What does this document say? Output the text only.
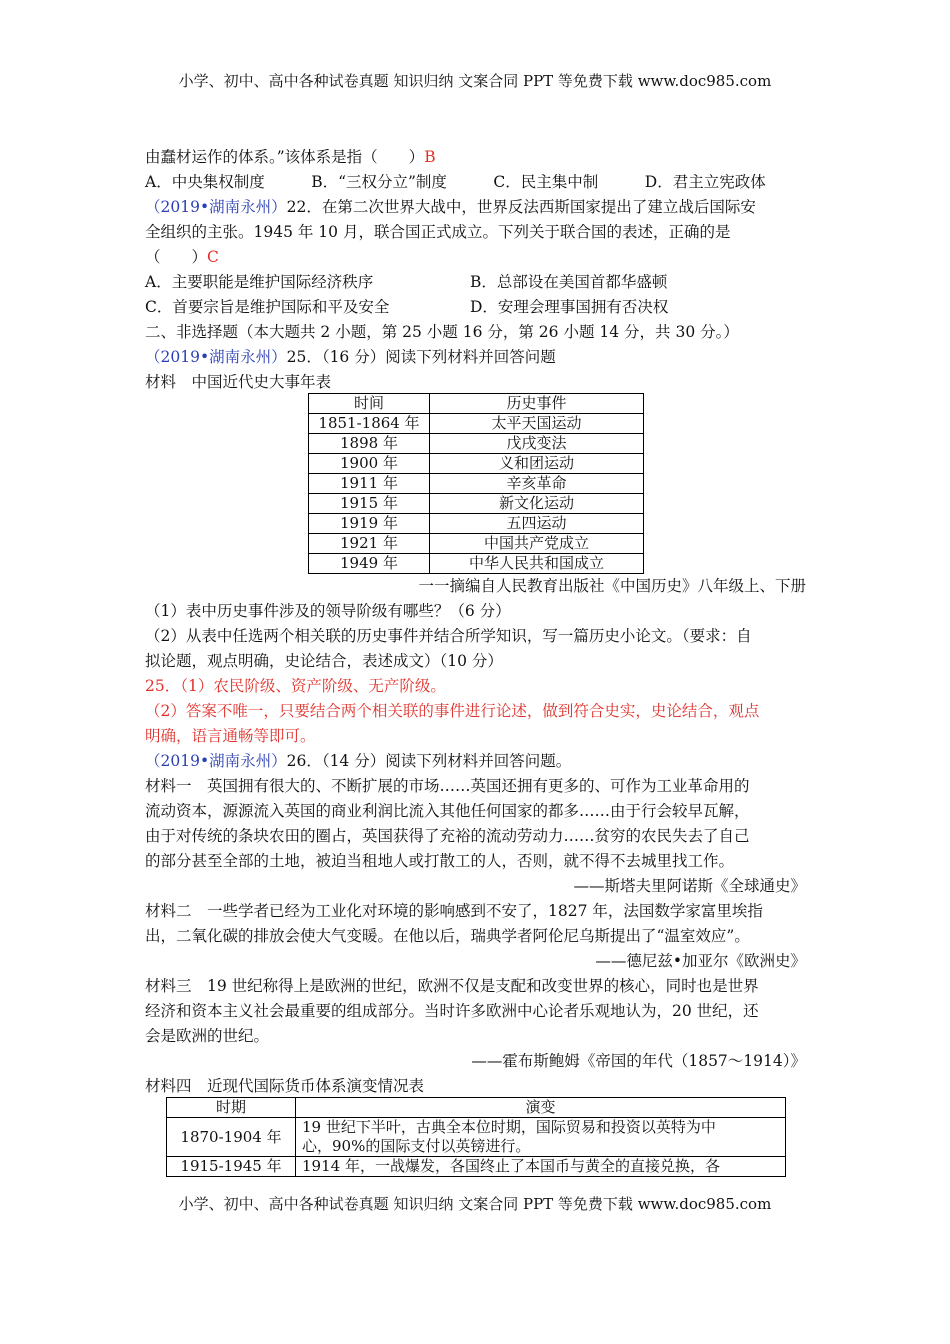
小学、初中、高中各种试卷真题 知识归纳 文案合同 PPT 等免费下载 www.doc985.com
由蠢材运作的体系。”该体系是指（　　）B
A．中央集权制度　　　B．“三权分立”制度　　　C．民主集中制　　　D．君主立宪政体
（2019•湖南永州）22．在第二次世界大战中，世界反法西斯国家提出了建立战后国际安
全组织的主张。1945 年 10 月，联合国正式成立。下列关于联合国的表述，正确的是
（　　）C
A．主要职能是维护国际经济秩序	B．总部设在美国首都华盛顿
C．首要宗旨是维护国际和平及安全	D．安理会理事国拥有否决权
二、非选择题（本大题共 2 小题，第 25 小题 16 分，第 26 小题 14 分，共 30 分。）
（2019•湖南永州）25．（16 分）阅读下列材料并回答问题
材料　中国近代史大事年表
时间	历史事件
1851-1864 年	太平天国运动
1898 年	戊戌变法
1900 年	义和团运动
1911 年	辛亥革命
1915 年	新文化运动
1919 年	五四运动
1921 年	中国共产党成立
1949 年	中华人民共和国成立
一一摘编自人民教育出版社《中国历史》八年级上、下册
（1）表中历史事件涉及的领导阶级有哪些？（6 分）
（2）从表中任选两个相关联的历史事件并结合所学知识，写一篇历史小论文。（要求：自
拟论题，观点明确，史论结合，表述成文）（10 分）
25．（1）农民阶级、资产阶级、无产阶级。
（2）答案不唯一，只要结合两个相关联的事件进行论述，做到符合史实，史论结合，观点
明确，语言通畅等即可。
（2019•湖南永州）26．（14 分）阅读下列材料并回答问题。
材料一　英国拥有很大的、不断扩展的市场……英国还拥有更多的、可作为工业革命用的
流动资本，源源流入英国的商业利润比流入其他任何国家的都多……由于行会较早瓦解，
由于对传统的条块农田的圈占，英国获得了充裕的流动劳动力……贫穷的农民失去了自己
的部分甚至全部的土地，被迫当租地人或打散工的人，否则，就不得不去城里找工作。
——斯塔夫里阿诺斯《全球通史》
材料二　一些学者已经为工业化对环境的影响感到不安了，1827 年，法国数学家富里埃指
出，二氧化碳的排放会使大气变暖。在他以后，瑞典学者阿伦尼乌斯提出了“温室效应”。
——德尼兹•加亚尔《欧洲史》
材料三　19 世纪称得上是欧洲的世纪，欧洲不仅是支配和改变世界的核心，同时也是世界
经济和资本主义社会最重要的组成部分。当时许多欧洲中心论者乐观地认为，20 世纪，还
会是欧洲的世纪。
——霍布斯鲍姆《帝国的年代（1857～1914）》
材料四　近现代国际货币体系演变情况表
时期	演变
1870-1904 年	19 世纪下半叶，古典全本位时期，国际贸易和投资以英特为中
心，90%的国际支付以英镑进行。

1915-1945 年	1914 年，一战爆发，各国终止了本国币与黄全的直接兑换，各
小学、初中、高中各种试卷真题 知识归纳 文案合同 PPT 等免费下载 www.doc985.com
